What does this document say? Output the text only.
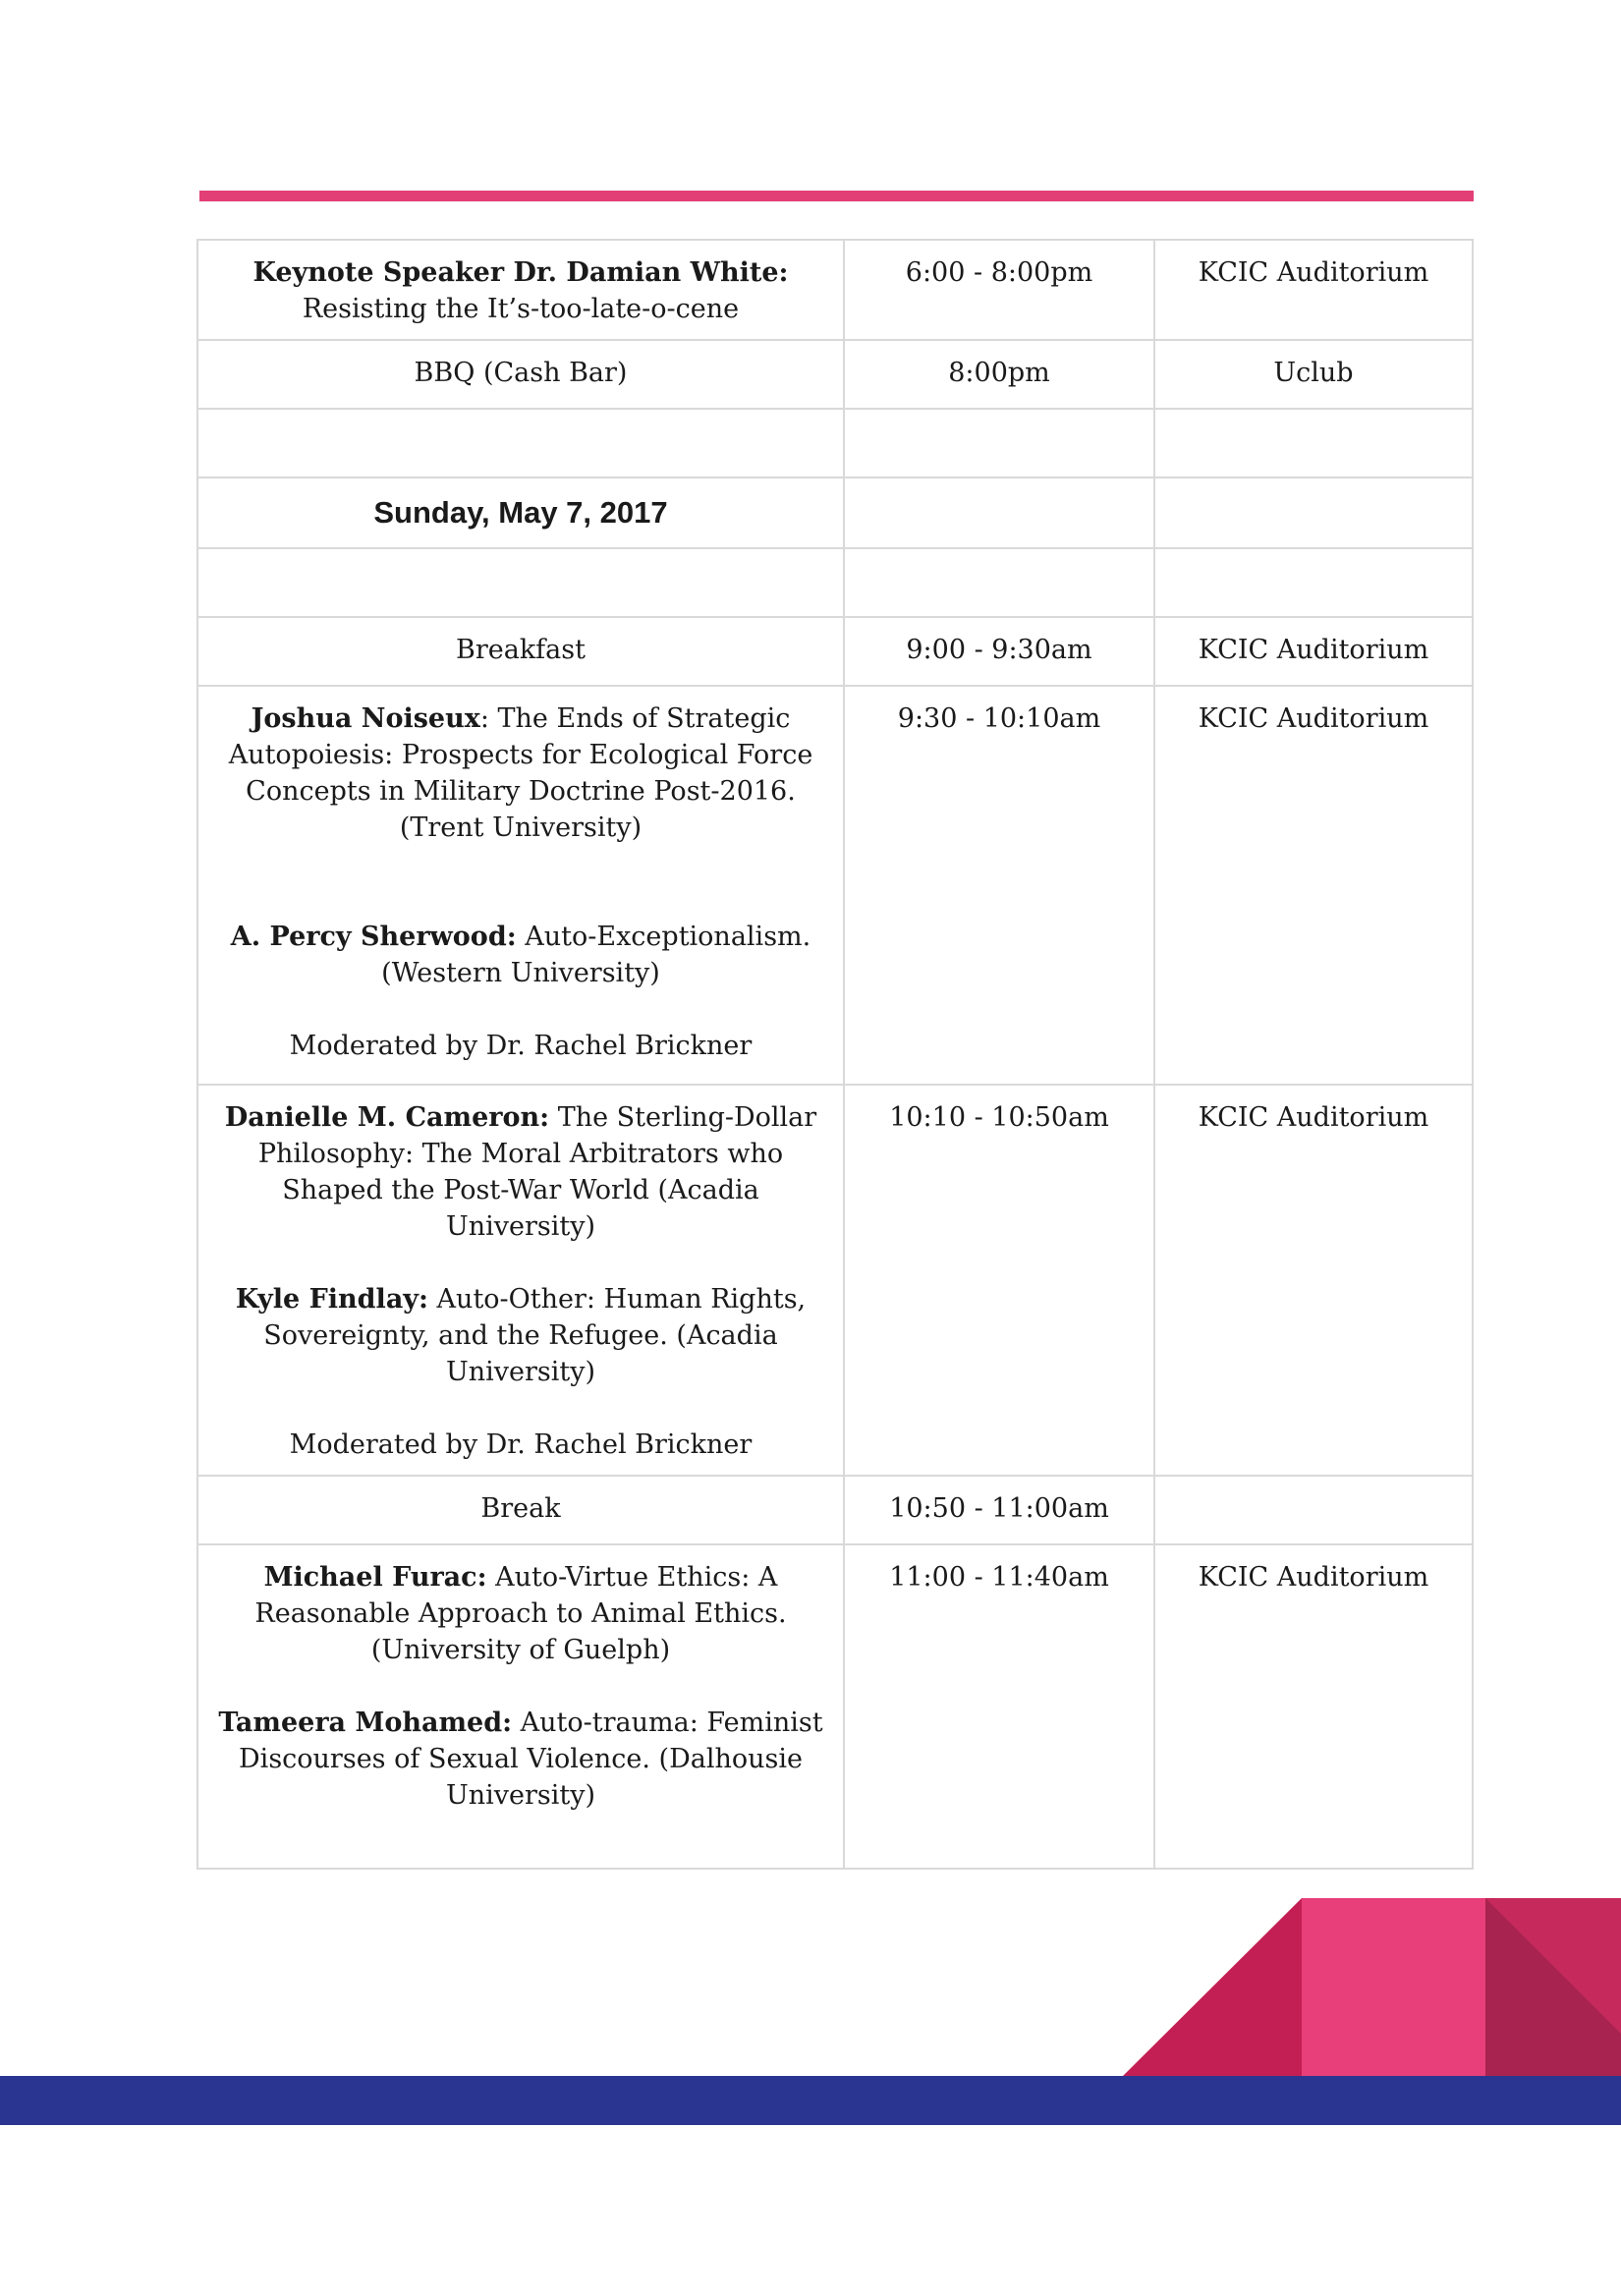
Keynote Speaker Dr. Damian White:
Resisting the It’s-too-late-o-cene	6:00 - 8:00pm	KCIC Auditorium
BBQ (Cash Bar)	8:00pm	Uclub

Sunday, May 7, 2017		

Breakfast	9:00 - 9:30am	KCIC Auditorium

Joshua Noiseux: The Ends of Strategic Autopoiesis: Prospects for Ecological Force Concepts in Military Doctrine Post-2016. (Trent University)

A. Percy Sherwood: Auto-Exceptionalism. (Western University)

Moderated by Dr. Rachel Brickner	9:30 - 10:10am	KCIC Auditorium

Danielle M. Cameron: The Sterling-Dollar Philosophy: The Moral Arbitrators who Shaped the Post-War World (Acadia University)

Kyle Findlay: Auto-Other: Human Rights, Sovereignty, and the Refugee. (Acadia University)

Moderated by Dr. Rachel Brickner	10:10 - 10:50am	KCIC Auditorium
Break	10:50 - 11:00am	

Michael Furac: Auto-Virtue Ethics: A Reasonable Approach to Animal Ethics. (University of Guelph)

Tameera Mohamed: Auto-trauma: Feminist Discourses of Sexual Violence. (Dalhousie University)	11:00 - 11:40am	KCIC Auditorium
